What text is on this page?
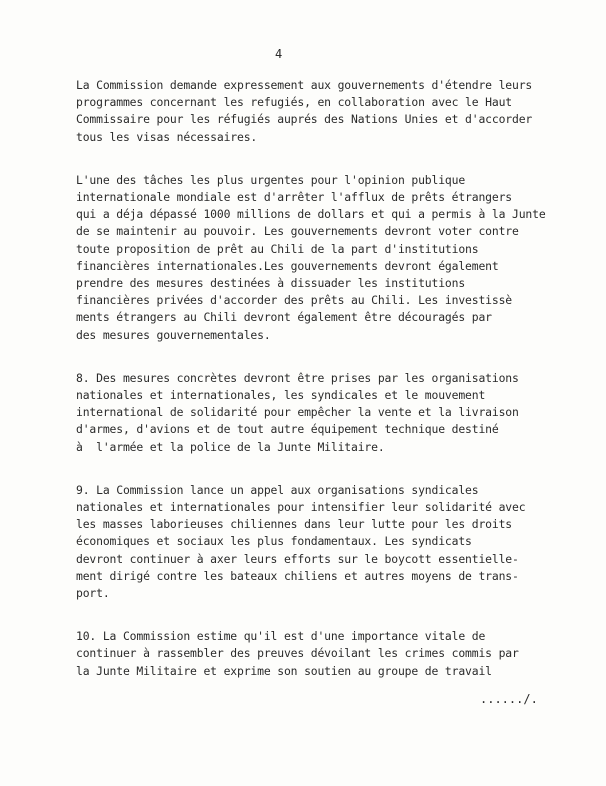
4

La Commission demande expressement aux gouvernements d'étendre leurs
programmes concernant les refugiés, en collaboration avec le Haut
Commissaire pour les réfugiés auprés des Nations Unies et d'accorder
tous les visas nécessaires.

L'une des tâches les plus urgentes pour l'opinion publique
internationale mondiale est d'arrêter l'afflux de prêts étrangers
qui a déja dépassé 1000 millions de dollars et qui a permis à la Junte
de se maintenir au pouvoir. Les gouvernements devront voter contre
toute proposition de prêt au Chili de la part d'institutions
financières internationales.Les gouvernements devront également
prendre des mesures destinées à dissuader les institutions
financières privées d'accorder des prêts au Chili. Les investissè
ments étrangers au Chili devront également être découragés par
des mesures gouvernementales.

8. Des mesures concrètes devront être prises par les organisations
nationales et internationales, les syndicales et le mouvement
international de solidarité pour empêcher la vente et la livraison
d'armes, d'avions et de tout autre équipement technique destiné
à  l'armée et la police de la Junte Militaire.

9. La Commission lance un appel aux organisations syndicales
nationales et internationales pour intensifier leur solidarité avec
les masses laborieuses chiliennes dans leur lutte pour les droits
économiques et sociaux les plus fondamentaux. Les syndicats
devront continuer à axer leurs efforts sur le boycott essentielle-
ment dirigé contre les bateaux chiliens et autres moyens de trans-
port.

10. La Commission estime qu'il est d'une importance vitale de
continuer à rassembler des preuves dévoilant les crimes commis par
la Junte Militaire et exprime son soutien au groupe de travail

....../.
